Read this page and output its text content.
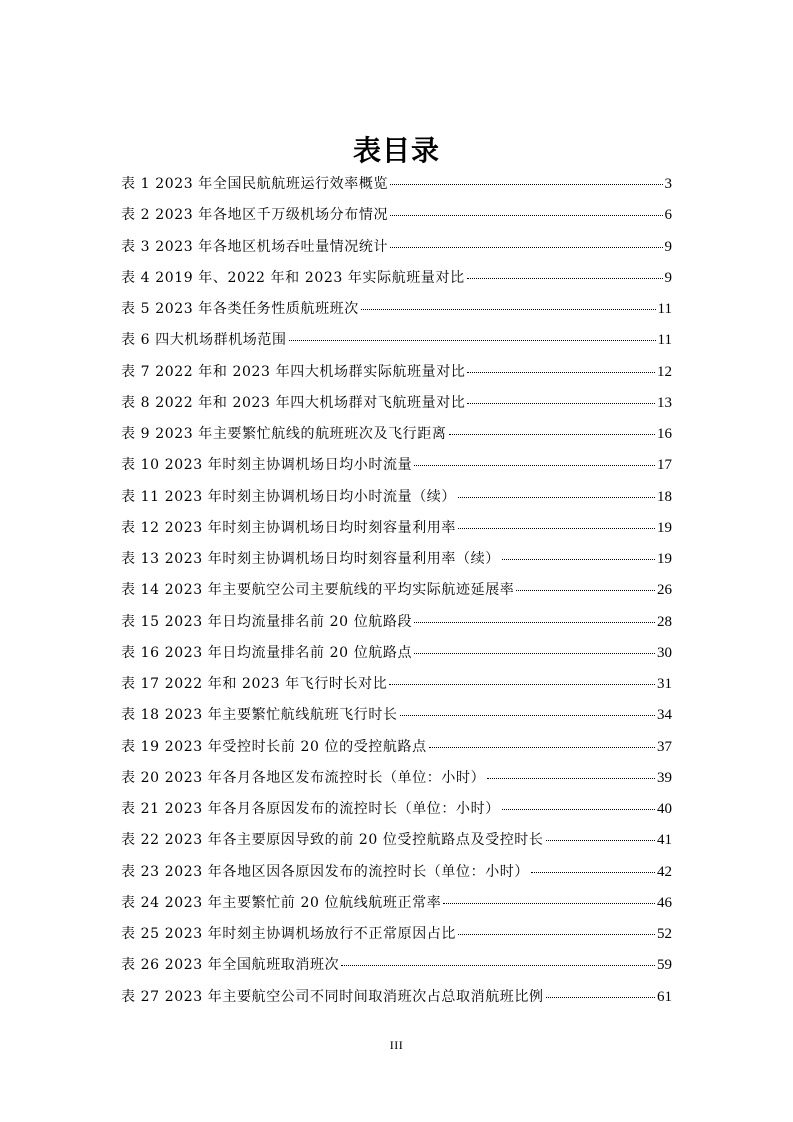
表目录
表 1 2023 年全国民航航班运行效率概览	3
表 2 2023 年各地区千万级机场分布情况	6
表 3 2023 年各地区机场吞吐量情况统计	9
表 4 2019 年、2022 年和 2023 年实际航班量对比	9
表 5 2023 年各类任务性质航班班次	11
表 6 四大机场群机场范围	11
表 7 2022 年和 2023 年四大机场群实际航班量对比	12
表 8 2022 年和 2023 年四大机场群对飞航班量对比	13
表 9 2023 年主要繁忙航线的航班班次及飞行距离	16
表 10 2023 年时刻主协调机场日均小时流量	17
表 11 2023 年时刻主协调机场日均小时流量（续）	18
表 12 2023 年时刻主协调机场日均时刻容量利用率	19
表 13 2023 年时刻主协调机场日均时刻容量利用率（续）	19
表 14 2023 年主要航空公司主要航线的平均实际航迹延展率	26
表 15 2023 年日均流量排名前 20 位航路段	28
表 16 2023 年日均流量排名前 20 位航路点	30
表 17 2022 年和 2023 年飞行时长对比	31
表 18 2023 年主要繁忙航线航班飞行时长	34
表 19 2023 年受控时长前 20 位的受控航路点	37
表 20 2023 年各月各地区发布流控时长（单位：小时）	39
表 21 2023 年各月各原因发布的流控时长（单位：小时）	40
表 22 2023 年各主要原因导致的前 20 位受控航路点及受控时长	41
表 23 2023 年各地区因各原因发布的流控时长（单位：小时）	42
表 24 2023 年主要繁忙前 20 位航线航班正常率	46
表 25 2023 年时刻主协调机场放行不正常原因占比	52
表 26 2023 年全国航班取消班次	59
表 27 2023 年主要航空公司不同时间取消班次占总取消航班比例	61
III
